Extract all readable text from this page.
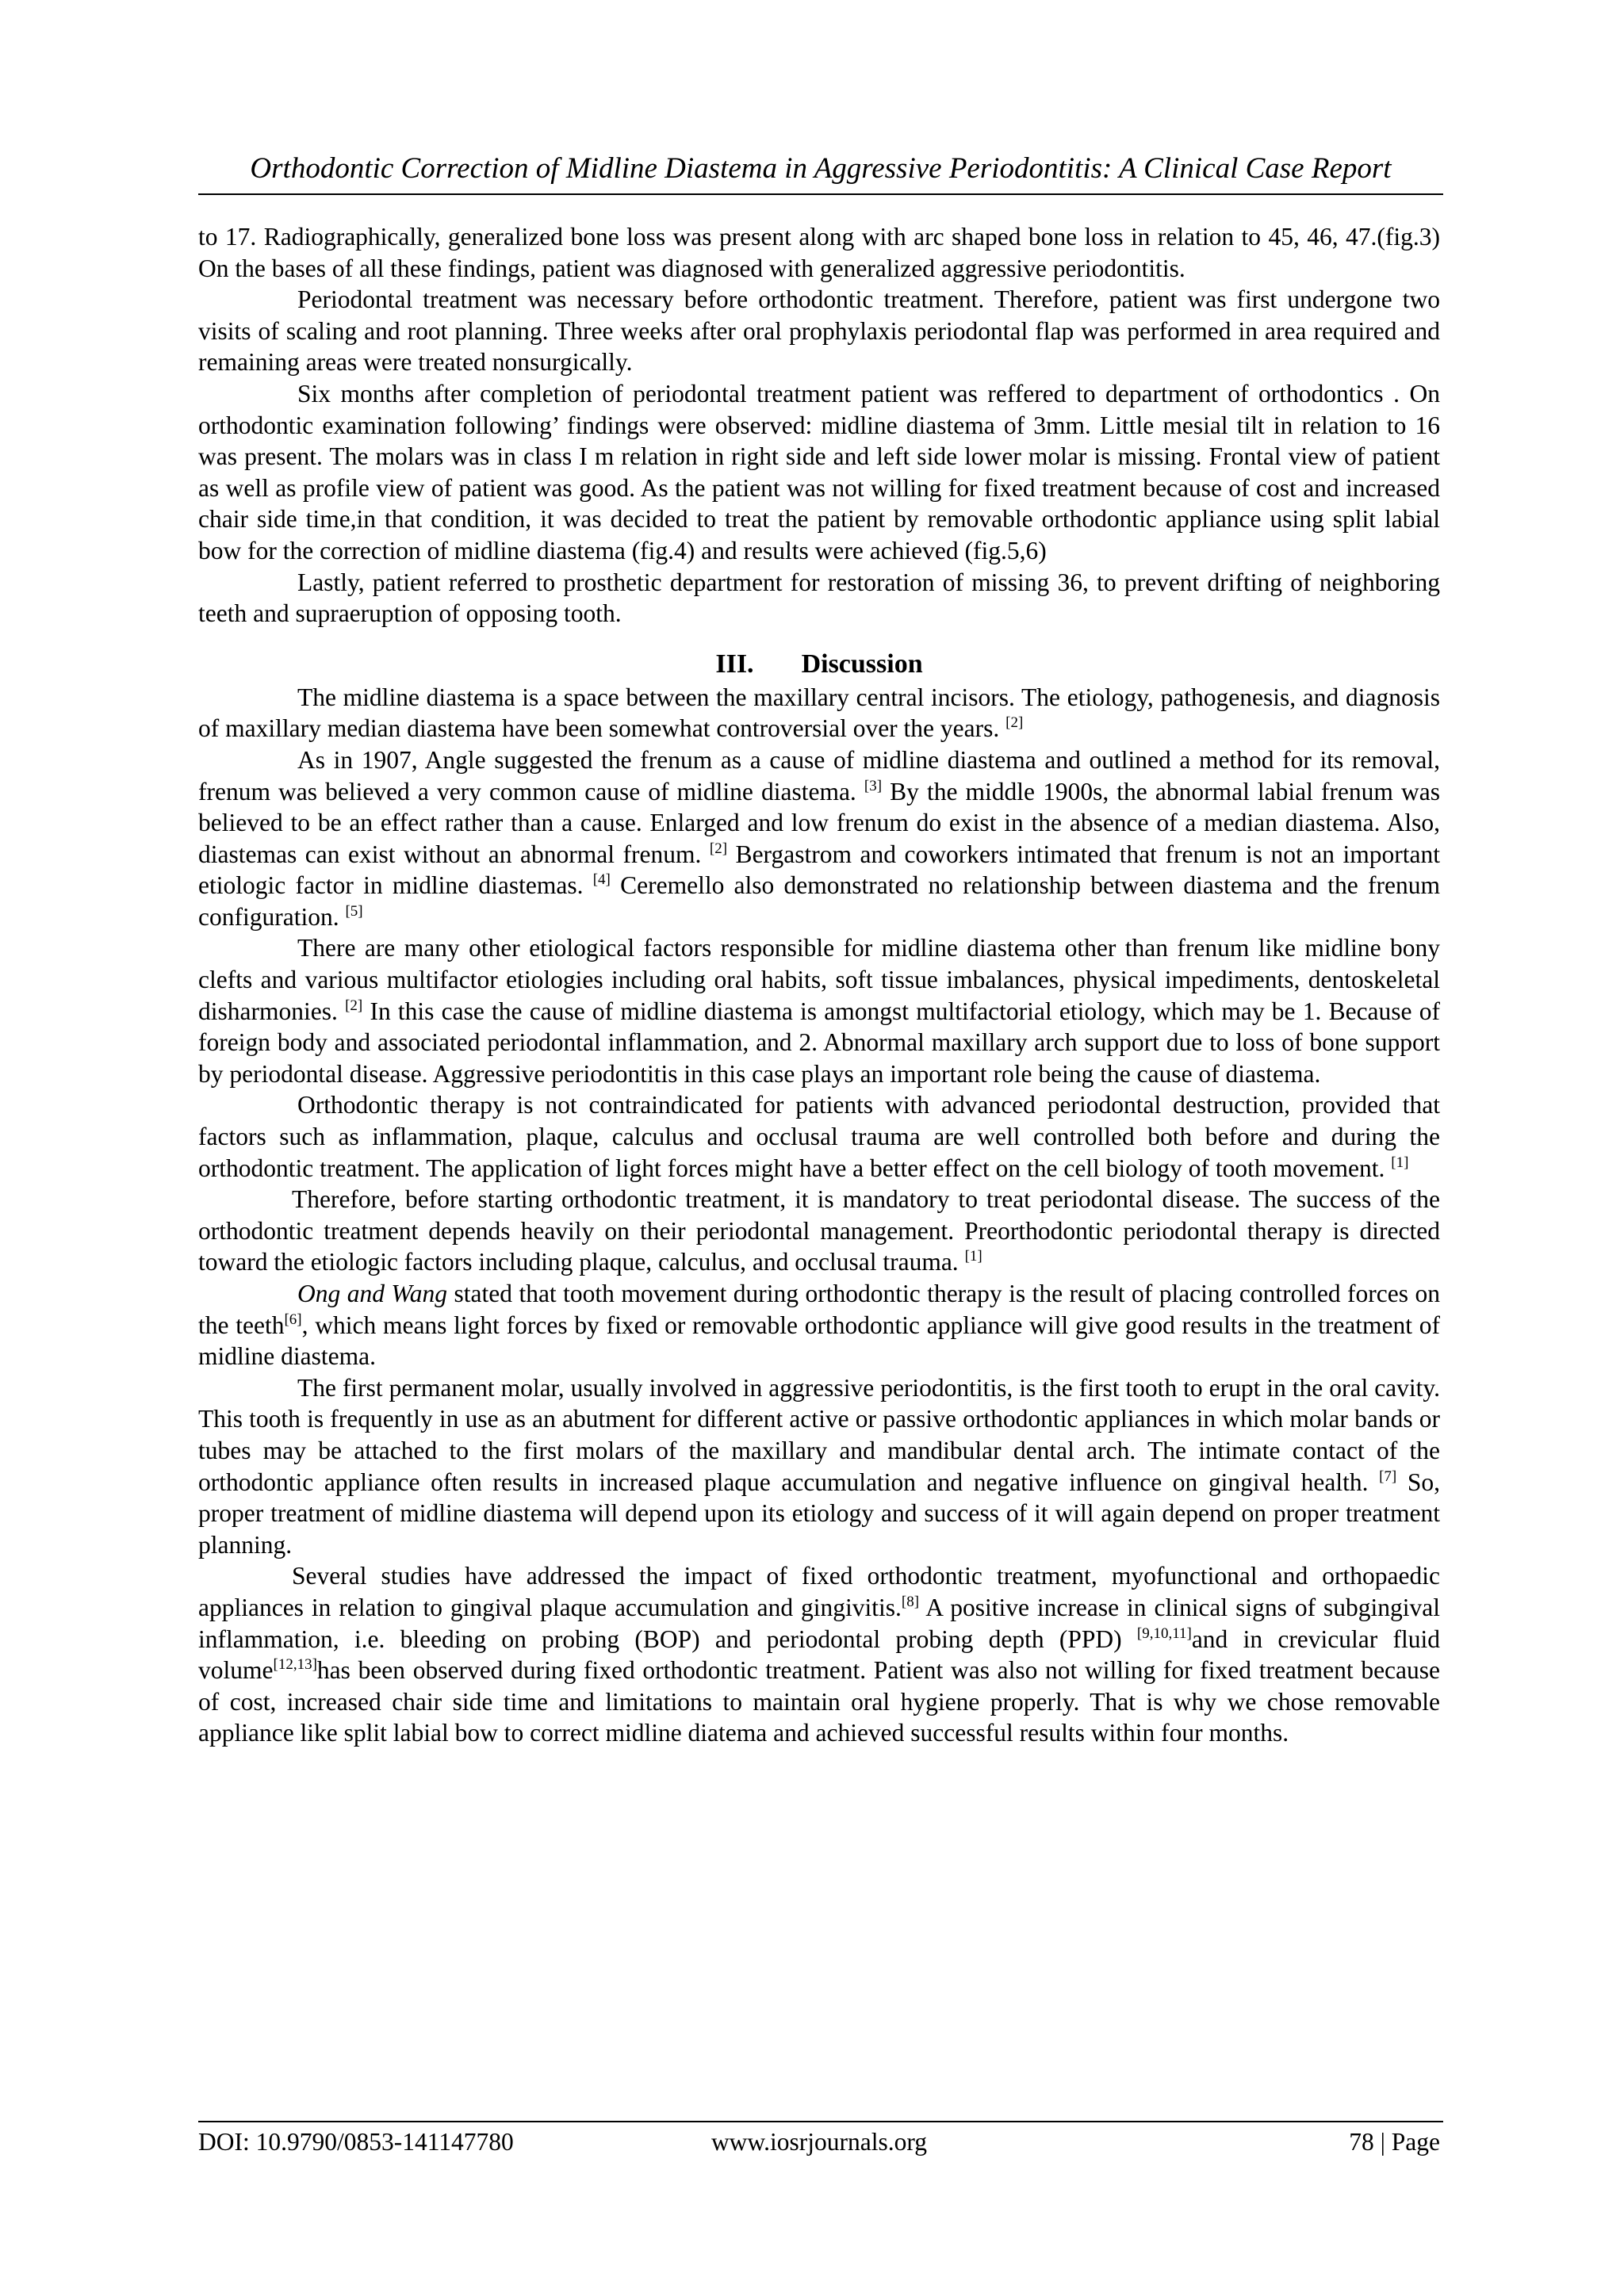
Orthodontic Correction of Midline Diastema in Aggressive Periodontitis: A Clinical Case Report

to 17. Radiographically, generalized bone loss was present along with arc shaped bone loss in relation to 45, 46, 47.(fig.3) On the bases of all these findings, patient was diagnosed with generalized aggressive periodontitis.

Periodontal treatment was necessary before orthodontic treatment. Therefore, patient was first undergone two visits of scaling and root planning. Three weeks after oral prophylaxis periodontal flap was performed in area required and remaining areas were treated nonsurgically.

Six months after completion of periodontal treatment patient was reffered to department of orthodontics . On orthodontic examination following’ findings were observed: midline diastema of 3mm. Little mesial tilt in relation to 16 was present. The molars was in class I m relation in right side and left side lower molar is missing. Frontal view of patient as well as profile view of patient was good. As the patient was not willing for fixed treatment because of cost and increased chair side time,in that condition, it was decided to treat the patient by removable orthodontic appliance using split labial bow for the correction of midline diastema (fig.4) and results were achieved (fig.5,6)

Lastly, patient referred to prosthetic department for restoration of missing 36, to prevent drifting of neighboring teeth and supraeruption of opposing tooth.

III. Discussion

The midline diastema is a space between the maxillary central incisors. The etiology, pathogenesis, and diagnosis of maxillary median diastema have been somewhat controversial over the years. [2]

As in 1907, Angle suggested the frenum as a cause of midline diastema and outlined a method for its removal, frenum was believed a very common cause of midline diastema. [3] By the middle 1900s, the abnormal labial frenum was believed to be an effect rather than a cause. Enlarged and low frenum do exist in the absence of a median diastema. Also, diastemas can exist without an abnormal frenum. [2] Bergastrom and coworkers intimated that frenum is not an important etiologic factor in midline diastemas. [4] Ceremello also demonstrated no relationship between diastema and the frenum configuration. [5]

There are many other etiological factors responsible for midline diastema other than frenum like midline bony clefts and various multifactor etiologies including oral habits, soft tissue imbalances, physical impediments, dentoskeletal disharmonies. [2] In this case the cause of midline diastema is amongst multifactorial etiology, which may be 1. Because of foreign body and associated periodontal inflammation, and 2. Abnormal maxillary arch support due to loss of bone support by periodontal disease. Aggressive periodontitis in this case plays an important role being the cause of diastema.

Orthodontic therapy is not contraindicated for patients with advanced periodontal destruction, provided that factors such as inflammation, plaque, calculus and occlusal trauma are well controlled both before and during the orthodontic treatment. The application of light forces might have a better effect on the cell biology of tooth movement. [1]

Therefore, before starting orthodontic treatment, it is mandatory to treat periodontal disease. The success of the orthodontic treatment depends heavily on their periodontal management. Preorthodontic periodontal therapy is directed toward the etiologic factors including plaque, calculus, and occlusal trauma. [1]

Ong and Wang stated that tooth movement during orthodontic therapy is the result of placing controlled forces on the teeth[6], which means light forces by fixed or removable orthodontic appliance will give good results in the treatment of midline diastema.

The first permanent molar, usually involved in aggressive periodontitis, is the first tooth to erupt in the oral cavity. This tooth is frequently in use as an abutment for different active or passive orthodontic appliances in which molar bands or tubes may be attached to the first molars of the maxillary and mandibular dental arch. The intimate contact of the orthodontic appliance often results in increased plaque accumulation and negative influence on gingival health. [7] So, proper treatment of midline diastema will depend upon its etiology and success of it will again depend on proper treatment planning.

Several studies have addressed the impact of fixed orthodontic treatment, myofunctional and orthopaedic appliances in relation to gingival plaque accumulation and gingivitis.[8] A positive increase in clinical signs of subgingival inflammation, i.e. bleeding on probing (BOP) and periodontal probing depth (PPD) [9,10,11]and in crevicular fluid volume[12,13]has been observed during fixed orthodontic treatment. Patient was also not willing for fixed treatment because of cost, increased chair side time and limitations to maintain oral hygiene properly. That is why we chose removable appliance like split labial bow to correct midline diatema and achieved successful results within four months.

DOI: 10.9790/0853-141147780	www.iosrjournals.org	78 | Page
